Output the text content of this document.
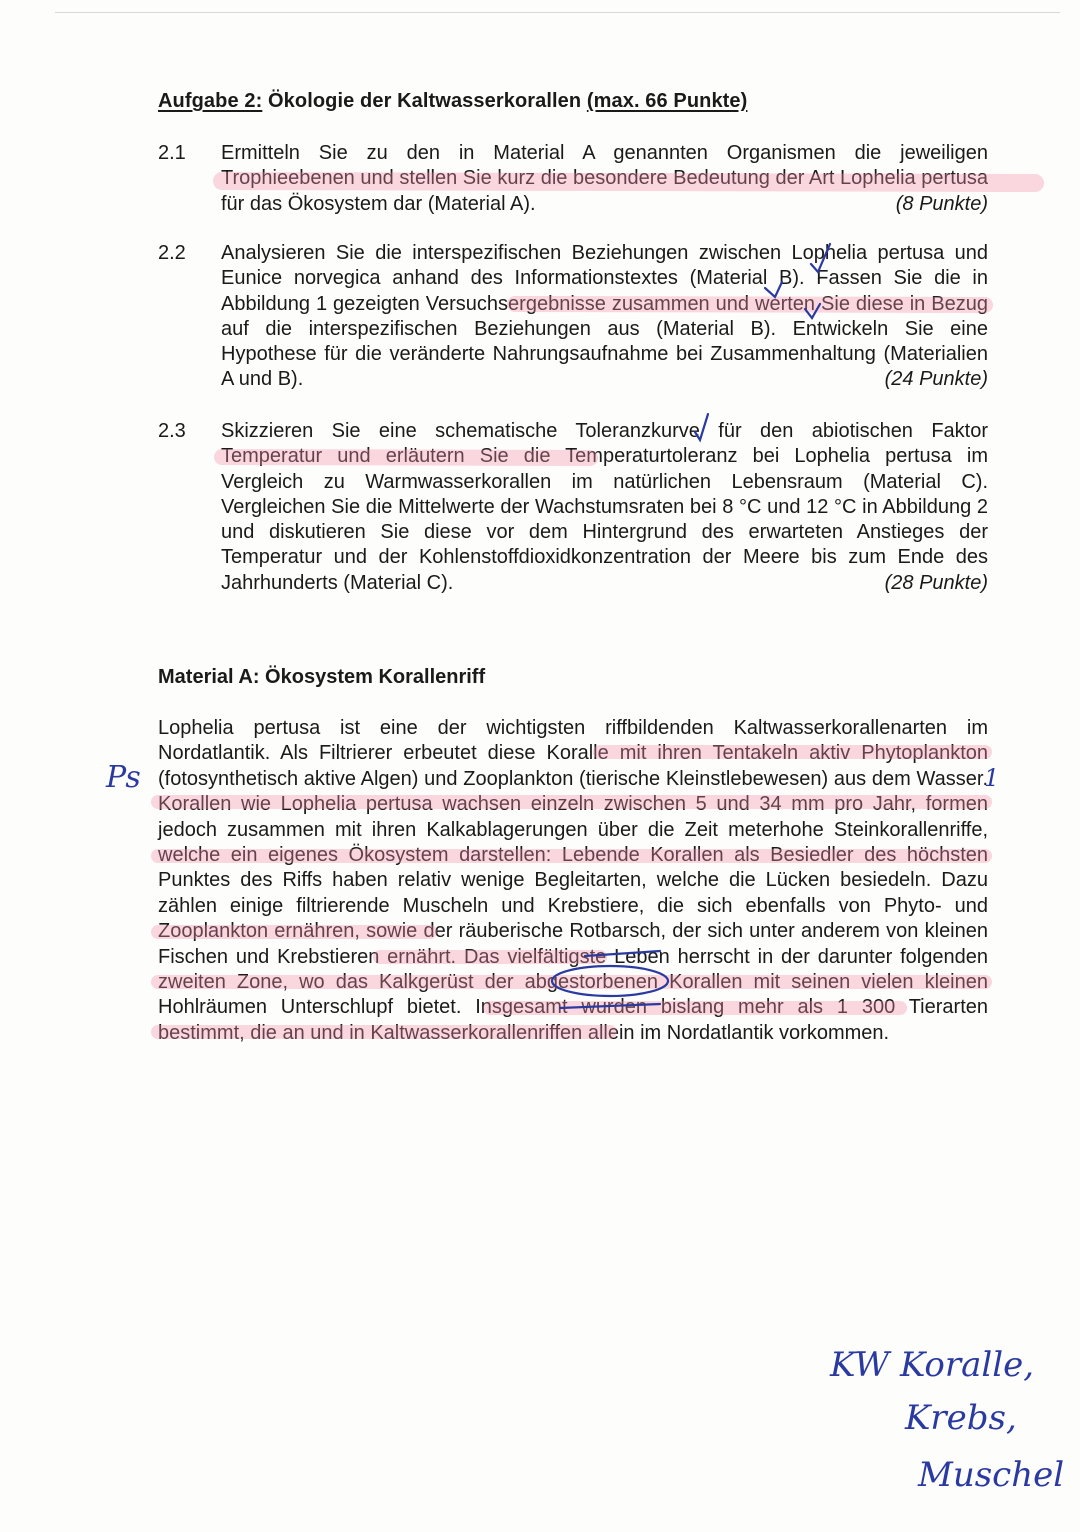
Aufgabe 2: Ökologie der Kaltwasserkorallen (max. 66 Punkte)
2.1 Ermitteln Sie zu den in Material A genannten Organismen die jeweiligen Trophieebenen und stellen Sie kurz die besondere Bedeutung der Art Lophelia pertusa für das Ökosystem dar (Material A).	(8 Punkte)
2.2 Analysieren Sie die interspezifischen Beziehungen zwischen Lophelia pertusa und Eunice norvegica anhand des Informationstextes (Material B). Fassen Sie die in Abbildung 1 gezeigten Versuchsergebnisse zusammen und werten Sie diese in Bezug auf die interspezifischen Beziehungen aus (Material B). Entwickeln Sie eine Hypothese für die veränderte Nahrungsaufnahme bei Zusammenhaltung (Materialien A und B).	(24 Punkte)
2.3 Skizzieren Sie eine schematische Toleranzkurve für den abiotischen Faktor Temperatur und erläutern Sie die Temperaturtoleranz bei Lophelia pertusa im Vergleich zu Warmwasserkorallen im natürlichen Lebensraum (Material C). Vergleichen Sie die Mittelwerte der Wachstumsraten bei 8 °C und 12 °C in Abbildung 2 und diskutieren Sie diese vor dem Hintergrund des erwarteten Anstieges der Temperatur und der Kohlenstoffdioxidkonzentration der Meere bis zum Ende des Jahrhunderts (Material C).	(28 Punkte)
Material A: Ökosystem Korallenriff
Lophelia pertusa ist eine der wichtigsten riffbildenden Kaltwasserkorallenarten im Nordatlantik. Als Filtrierer erbeutet diese Koralle mit ihren Tentakeln aktiv Phytoplankton (fotosynthetisch aktive Algen) und Zooplankton (tierische Kleinstlebewesen) aus dem Wasser. Korallen wie Lophelia pertusa wachsen einzeln zwischen 5 und 34 mm pro Jahr, formen jedoch zusammen mit ihren Kalkablagerungen über die Zeit meterhohe Steinkorallenriffe, welche ein eigenes Ökosystem darstellen: Lebende Korallen als Besiedler des höchsten Punktes des Riffs haben relativ wenige Begleitarten, welche die Lücken besiedeln. Dazu zählen einige filtrierende Muscheln und Krebstiere, die sich ebenfalls von Phyto- und Zooplankton ernähren, sowie der räuberische Rotbarsch, der sich unter anderem von kleinen Fischen und Krebstieren ernährt. Das vielfältigste Leben herrscht in der darunter folgenden zweiten Zone, wo das Kalkgerüst der abgestorbenen Korallen mit seinen vielen kleinen Hohlräumen Unterschlupf bietet. Insgesamt wurden bislang mehr als 1 300 Tierarten bestimmt, die an und in Kaltwasserkorallenriffen allein im Nordatlantik vorkommen.
Ps	1
KW Koralle,
Krebs,
Muschel
